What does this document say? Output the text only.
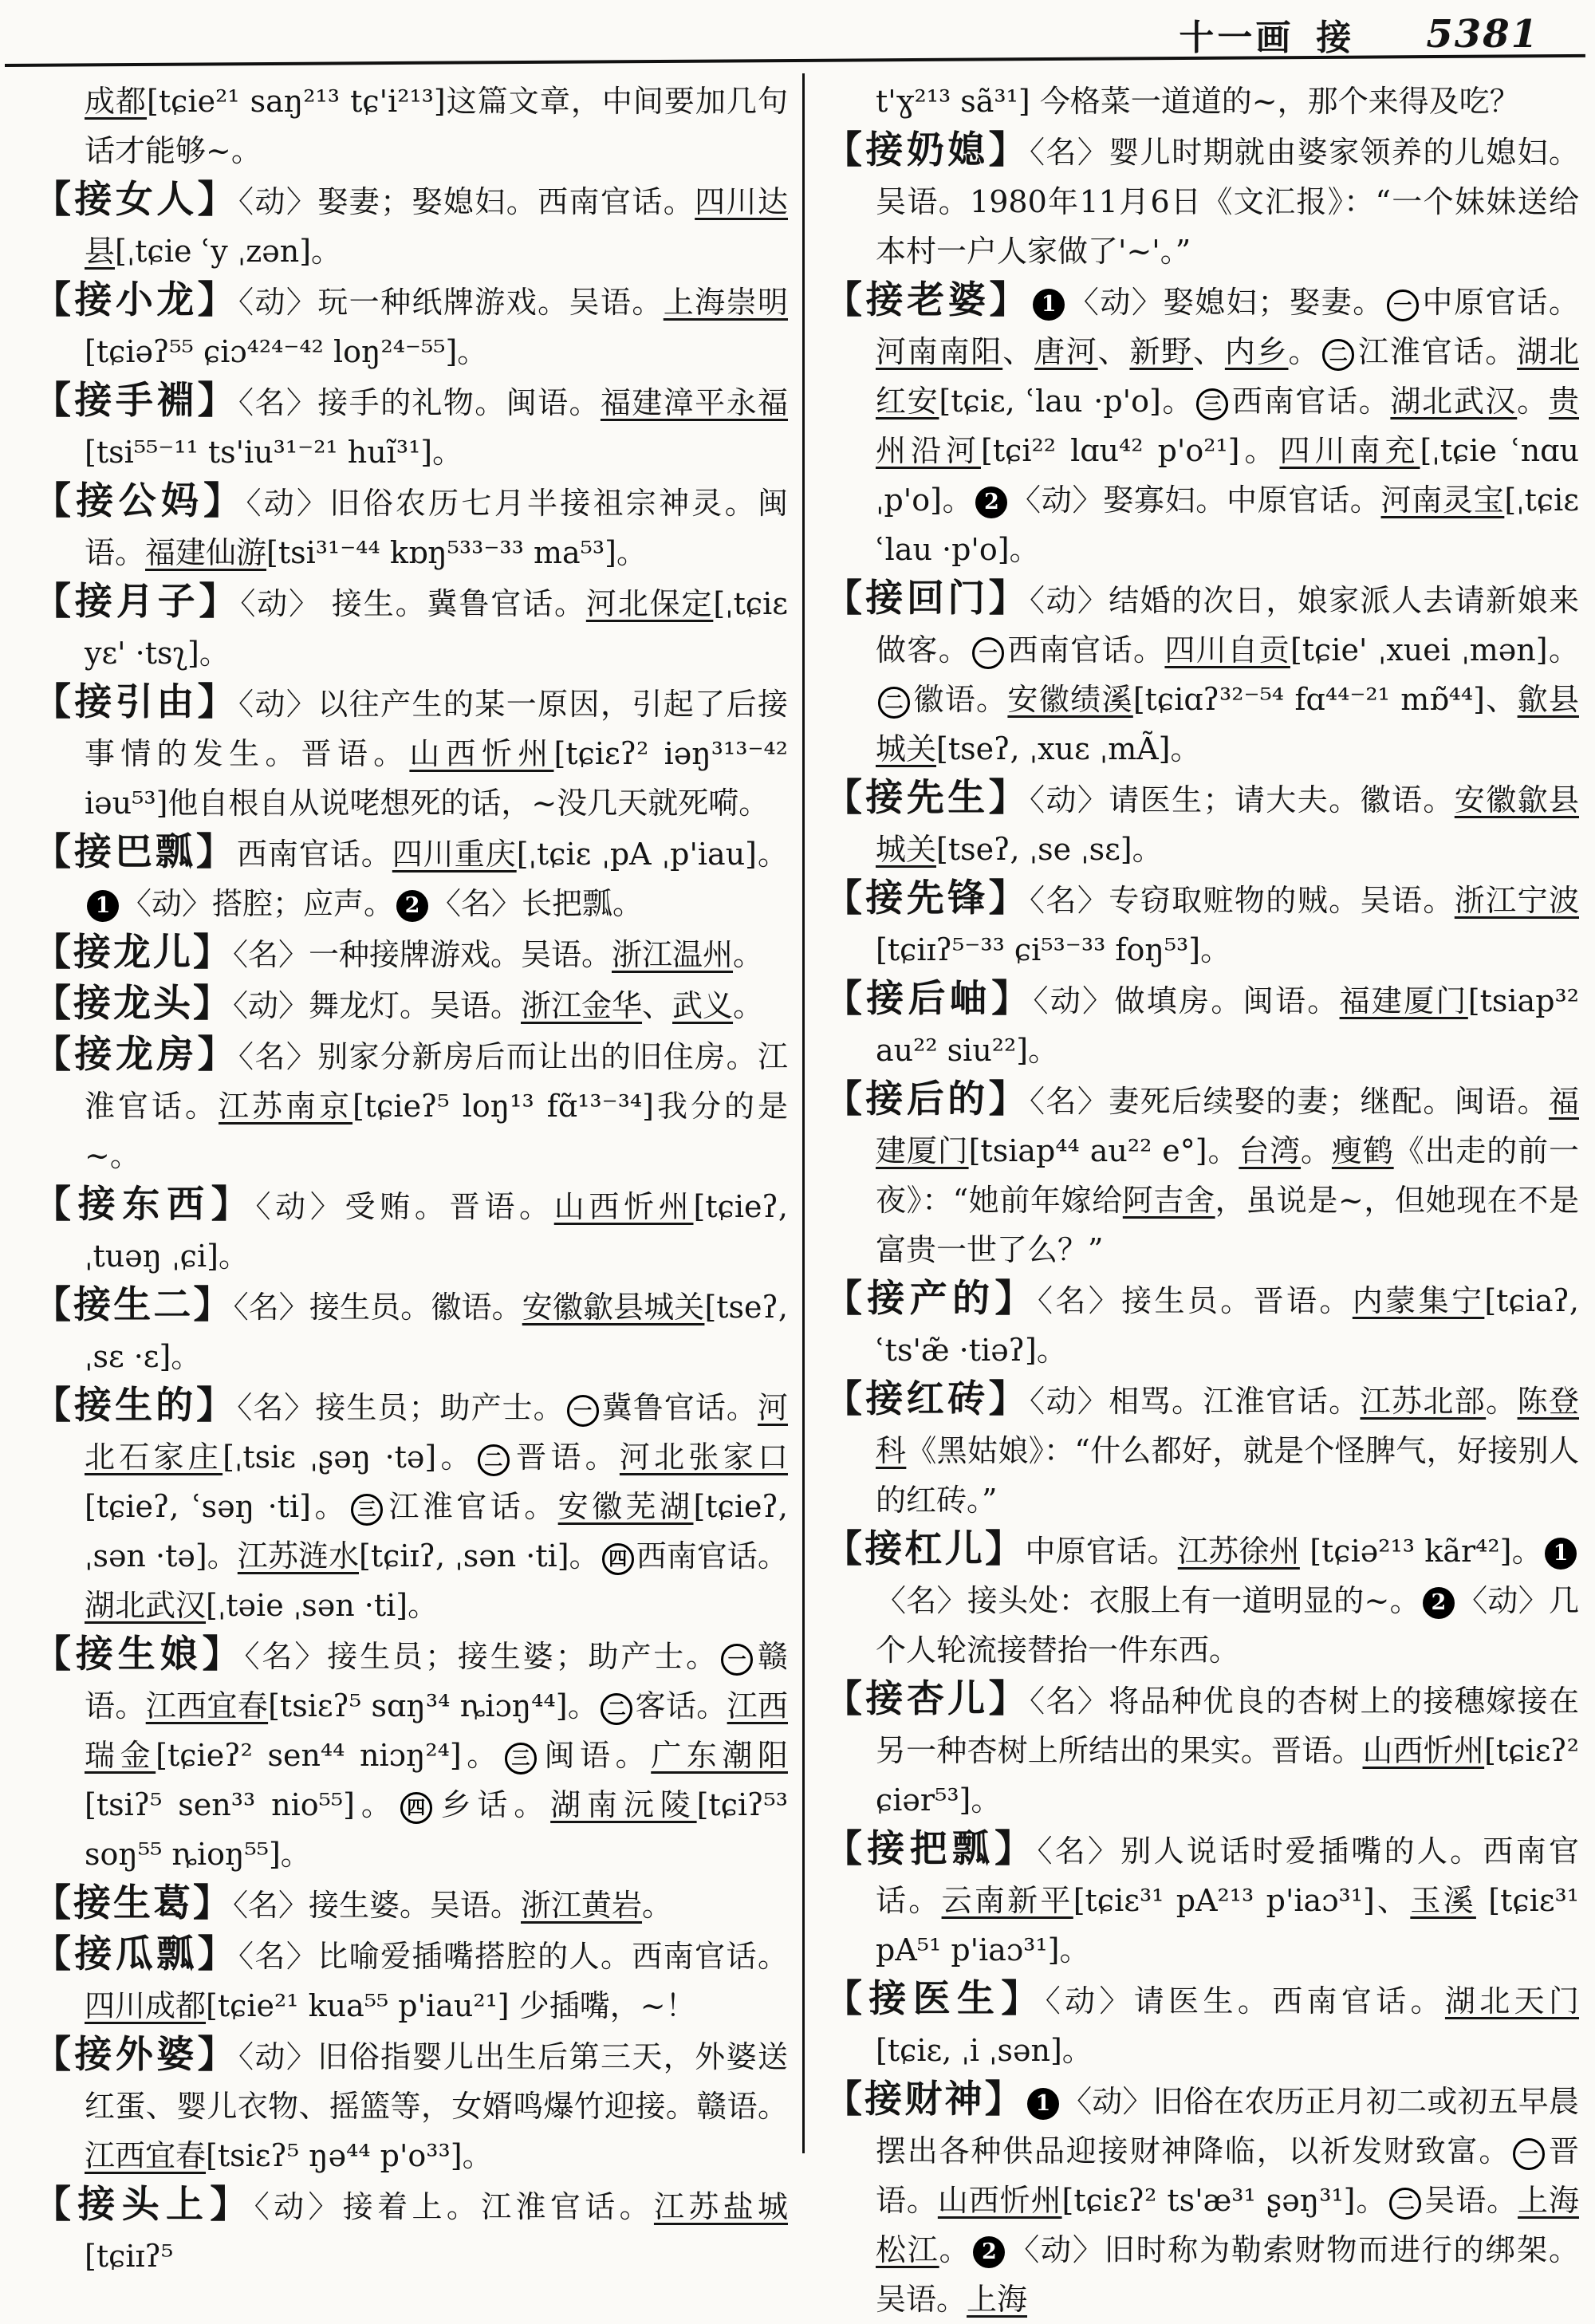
十一画 接 5381
成都[tɕie²¹ saŋ²¹³ tɕ'i²¹³]这篇文章，中间要加几句话才能够~。
【接女人】〈动〉娶妻；娶媳妇。西南官话。四川达县[ˌtɕie ʿy ˌzən]。
【接小龙】〈动〉玩一种纸牌游戏。吴语。上海崇明[tɕiəʔ⁵⁵ ɕiɔ⁴²⁴⁻⁴² loŋ²⁴⁻⁵⁵]。
【接手裫】〈名〉接手的礼物。闽语。福建漳平永福[tsi⁵⁵⁻¹¹ ts'iu³¹⁻²¹ huĩ³¹]。
【接公妈】〈动〉旧俗农历七月半接祖宗神灵。闽语。福建仙游[tsi³¹⁻⁴⁴ kɒŋ⁵³³⁻³³ ma⁵³]。
【接月子】〈动〉 接生。冀鲁官话。河北保定[ˌtɕiɛ yɛ' ·tsʅ]。
【接引由】〈动〉以往产生的某一原因，引起了后接事情的发生。晋语。山西忻州[tɕiɛʔ² iəŋ³¹³⁻⁴² iəu⁵³]他自根自从说咾想死的话，~没几天就死嗬。
【接巴瓢】西南官话。四川重庆[ˌtɕiɛ ˌpA ˌp'iau]。1 〈动〉搭腔；应声。 2 〈名〉长把瓢。
【接龙儿】〈名〉一种接牌游戏。吴语。浙江温州。
【接龙头】〈动〉舞龙灯。吴语。浙江金华、武义。
【接龙房】〈名〉别家分新房后而让出的旧住房。江淮官话。江苏南京[tɕieʔ⁵ loŋ¹³ fɑ̃¹³⁻³⁴]我分的是~。
【接东西】〈动〉受贿。晋语。山西忻州[tɕieʔ, ˌtuəŋ ˌɕi]。
【接生二】〈名〉接生员。徽语。安徽歙县城关[tseʔ, ˌsɛ ·ɛ]。
【接生的】〈名〉接生员；助产士。 一 冀鲁官话。河北石家庄[ˌtsiɛ ˌʂəŋ ·tə]。 二 晋语。河北张家口[tɕieʔ, ʿsəŋ ·ti]。 三 江淮官话。安徽芜湖[tɕieʔ, ˌsən ·tə]。江苏涟水[tɕiɪʔ, ˌsən ·ti]。 四 西南官话。湖北武汉[ˌtəie ˌsən ·ti]。
【接生娘】〈名〉接生员；接生婆；助产士。 一 赣语。江西宜春[tsiɛʔ⁵ sɑŋ³⁴ ȵiɔŋ⁴⁴]。 二 客话。江西瑞金[tɕieʔ² sen⁴⁴ niɔŋ²⁴]。 三 闽语。广东潮阳[tsiʔ⁵ sen³³ nio⁵⁵]。 四 乡话。湖南沅陵[tɕiʔ⁵³ soŋ⁵⁵ ȵioŋ⁵⁵]。
【接生葛】〈名〉接生婆。吴语。浙江黄岩。
【接瓜瓢】〈名〉比喻爱插嘴搭腔的人。西南官话。四川成都[tɕie²¹ kua⁵⁵ p'iau²¹] 少插嘴，~！
【接外婆】〈动〉旧俗指婴儿出生后第三天，外婆送红蛋、婴儿衣物、摇篮等，女婿鸣爆竹迎接。赣语。江西宜春[tsiɛʔ⁵ ŋə⁴⁴ p'o³³]。
【接头上】〈动〉接着上。江淮官话。江苏盐城[tɕiɪʔ⁵
t'ɣ²¹³ sã³¹] 今格菜一道道的~，那个来得及吃？
【接奶媳】〈名〉婴儿时期就由婆家领养的儿媳妇。吴语。1980年11月6日《文汇报》：“一个妹妹送给本村一户人家做了'~'。”
【接老婆】 1 〈动〉娶媳妇；娶妻。 一 中原官话。河南南阳、唐河、新野、内乡。 二 江淮官话。湖北红安[tɕiɛ, ʿlau ·p'o]。 三 西南官话。湖北武汉。贵州沿河[tɕi²² lɑu⁴² p'o²¹]。四川南充[ˌtɕie ʿnɑu ˌp'o]。 2 〈动〉娶寡妇。中原官话。河南灵宝[ˌtɕiɛ ʿlau ·p'o]。
【接回门】〈动〉结婚的次日，娘家派人去请新娘来做客。 一 西南官话。四川自贡[tɕie' ˌxuei ˌmən]。二 徽语。安徽绩溪[tɕiɑʔ³²⁻⁵⁴ fɑ⁴⁴⁻²¹ mɒ̃⁴⁴]、歙县城关[tseʔ, ˌxuɛ ˌmÃ]。
【接先生】〈动〉请医生；请大夫。徽语。安徽歙县城关[tseʔ, ˌse ˌsɛ]。
【接先锋】〈名〉专窃取赃物的贼。吴语。浙江宁波[tɕiɪʔ⁵⁻³³ ɕi⁵³⁻³³ foŋ⁵³]。
【接后岫】〈动〉做填房。闽语。福建厦门[tsiap³² au²² siu²²]。
【接后的】〈名〉妻死后续娶的妻；继配。闽语。福建厦门[tsiap⁴⁴ au²² e°]。台湾。瘦鹤《出走的前一夜》：“她前年嫁给阿吉舍，虽说是~，但她现在不是富贵一世了么？”
【接产的】〈名〉接生员。晋语。内蒙集宁[tɕiaʔ, ʿts'æ̃ ·tiəʔ]。
【接红砖】〈动〉相骂。江淮官话。江苏北部。陈登科《黑姑娘》：“什么都好，就是个怪脾气，好接别人的红砖。”
【接杠儿】中原官话。江苏徐州 [tɕiə²¹³ kãr⁴²]。 1〈名〉接头处：衣服上有一道明显的~。 2 〈动〉几个人轮流接替抬一件东西。
【接杏儿】〈名〉将品种优良的杏树上的接穗嫁接在另一种杏树上所结出的果实。晋语。山西忻州[tɕiɛʔ² ɕiər⁵³]。
【接把瓢】〈名〉别人说话时爱插嘴的人。西南官话。云南新平[tɕiɛ³¹ pA²¹³ p'iaɔ³¹]、玉溪 [tɕiɛ³¹ pA⁵¹ p'iaɔ³¹]。
【接医生】〈动〉请医生。西南官话。湖北天门 [tɕiɛ, ˌi ˌsən]。
【接财神】 1 〈动〉旧俗在农历正月初二或初五早晨摆出各种供品迎接财神降临，以祈发财致富。 一 晋语。山西忻州[tɕiɛʔ² ts'æ³¹ ʂəŋ³¹]。 二 吴语。上海松江。 2 〈动〉旧时称为勒索财物而进行的绑架。吴语。上海
